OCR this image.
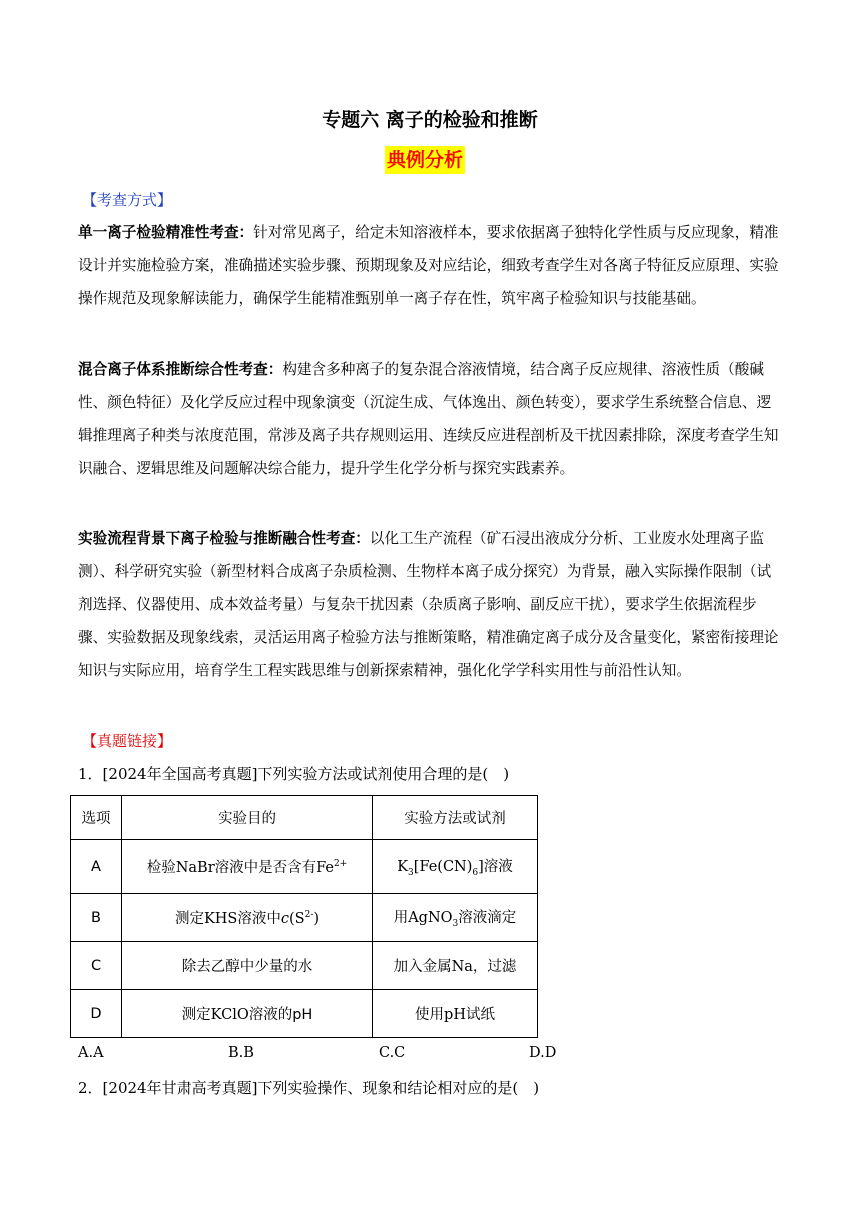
专题六 离子的检验和推断
典例分析
【考查方式】
单一离子检验精准性考查：针对常见离子，给定未知溶液样本，要求依据离子独特化学性质与反应现象，精准设计并实施检验方案，准确描述实验步骤、预期现象及对应结论，细致考查学生对各离子特征反应原理、实验操作规范及现象解读能力，确保学生能精准甄别单一离子存在性，筑牢离子检验知识与技能基础。
混合离子体系推断综合性考查：构建含多种离子的复杂混合溶液情境，结合离子反应规律、溶液性质（酸碱性、颜色特征）及化学反应过程中现象演变（沉淀生成、气体逸出、颜色转变），要求学生系统整合信息、逻辑推理离子种类与浓度范围，常涉及离子共存规则运用、连续反应进程剖析及干扰因素排除，深度考查学生知识融合、逻辑思维及问题解决综合能力，提升学生化学分析与探究实践素养。
实验流程背景下离子检验与推断融合性考查：以化工生产流程（矿石浸出液成分分析、工业废水处理离子监测）、科学研究实验（新型材料合成离子杂质检测、生物样本离子成分探究）为背景，融入实际操作限制（试剂选择、仪器使用、成本效益考量）与复杂干扰因素（杂质离子影响、副反应干扰），要求学生依据流程步骤、实验数据及现象线索，灵活运用离子检验方法与推断策略，精准确定离子成分及含量变化，紧密衔接理论知识与实际应用，培育学生工程实践思维与创新探索精神，强化化学学科实用性与前沿性认知。
【真题链接】
1．[2024年全国高考真题]下列实验方法或试剂使用合理的是(　)
选项	实验目的	实验方法或试剂
A	检验NaBr溶液中是否含有$Fe^{2+}$	$K_3[Fe(CN)_6]$溶液
B	测定KHS溶液中$c(S^{2-})$	用AgNO$_3$溶液滴定
C	除去乙醇中少量的水	加入金属Na，过滤
D	测定KClO溶液的pH	使用pH试纸
A.A	B.B	C.C	D.D
2．[2024年甘肃高考真题]下列实验操作、现象和结论相对应的是(　)
